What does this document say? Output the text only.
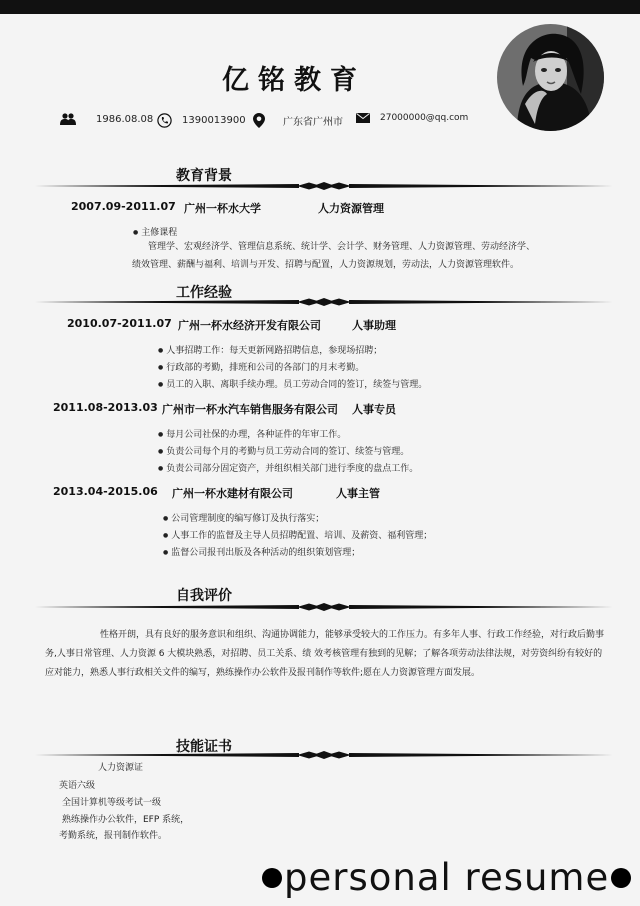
亿铭教育
1986.08.08	1390013900	广东省广州市	27000000@qq.com
教育背景
2007.09-2011.07 广州一杯水大学	人力资源管理
● 主修课程
管理学、宏观经济学、管理信息系统、统计学、会计学、财务管理、人力资源管理、劳动经济学、
绩效管理、薪酬与福利、培训与开发、招聘与配置，人力资源规划，劳动法，人力资源管理软件。
工作经验
2010.07-2011.07 广州一杯水经济开发有限公司	人事助理
● 人事招聘工作：每天更新网路招聘信息，参现场招聘；
● 行政部的考勤，排班和公司的各部门的月末考勤。
● 员工的入职、离职手续办理。员工劳动合同的签订，续签与管理。
2011.08-2013.03 广州市一杯水汽车销售服务有限公司 人事专员
● 每月公司社保的办理，各种证件的年审工作。
● 负责公司每个月的考勤与员工劳动合同的签订、续签与管理。
● 负责公司部分固定资产，并组织相关部门进行季度的盘点工作。
2013.04-2015.06 广州一杯水建材有限公司	人事主管
● 公司管理制度的编写修订及执行落实；
● 人事工作的监督及主导人员招聘配置、培训、及薪资、福利管理；
● 监督公司报刊出版及各种活动的组织策划管理；
自我评价
性格开朗，具有良好的服务意识和组织、沟通协调能力，能够承受较大的工作压力。有多年人事、行政工作经验，对行政后勤事务,人事日常管理、人力资源 6 大模块熟悉，对招聘、员工关系、绩 效考核管理有独到的见解；了解各项劳动法律法规，对劳资纠纷有较好的应对能力，熟悉人事行政相关文件的编写，熟练操作办公软件及报刊制作等软件;愿在人力资源管理方面发展。
技能证书
人力资源证
英语六级
全国计算机等级考试一级
熟练操作办公软件，EFP 系统，
考勤系统，报刊制作软件。
personal resume
